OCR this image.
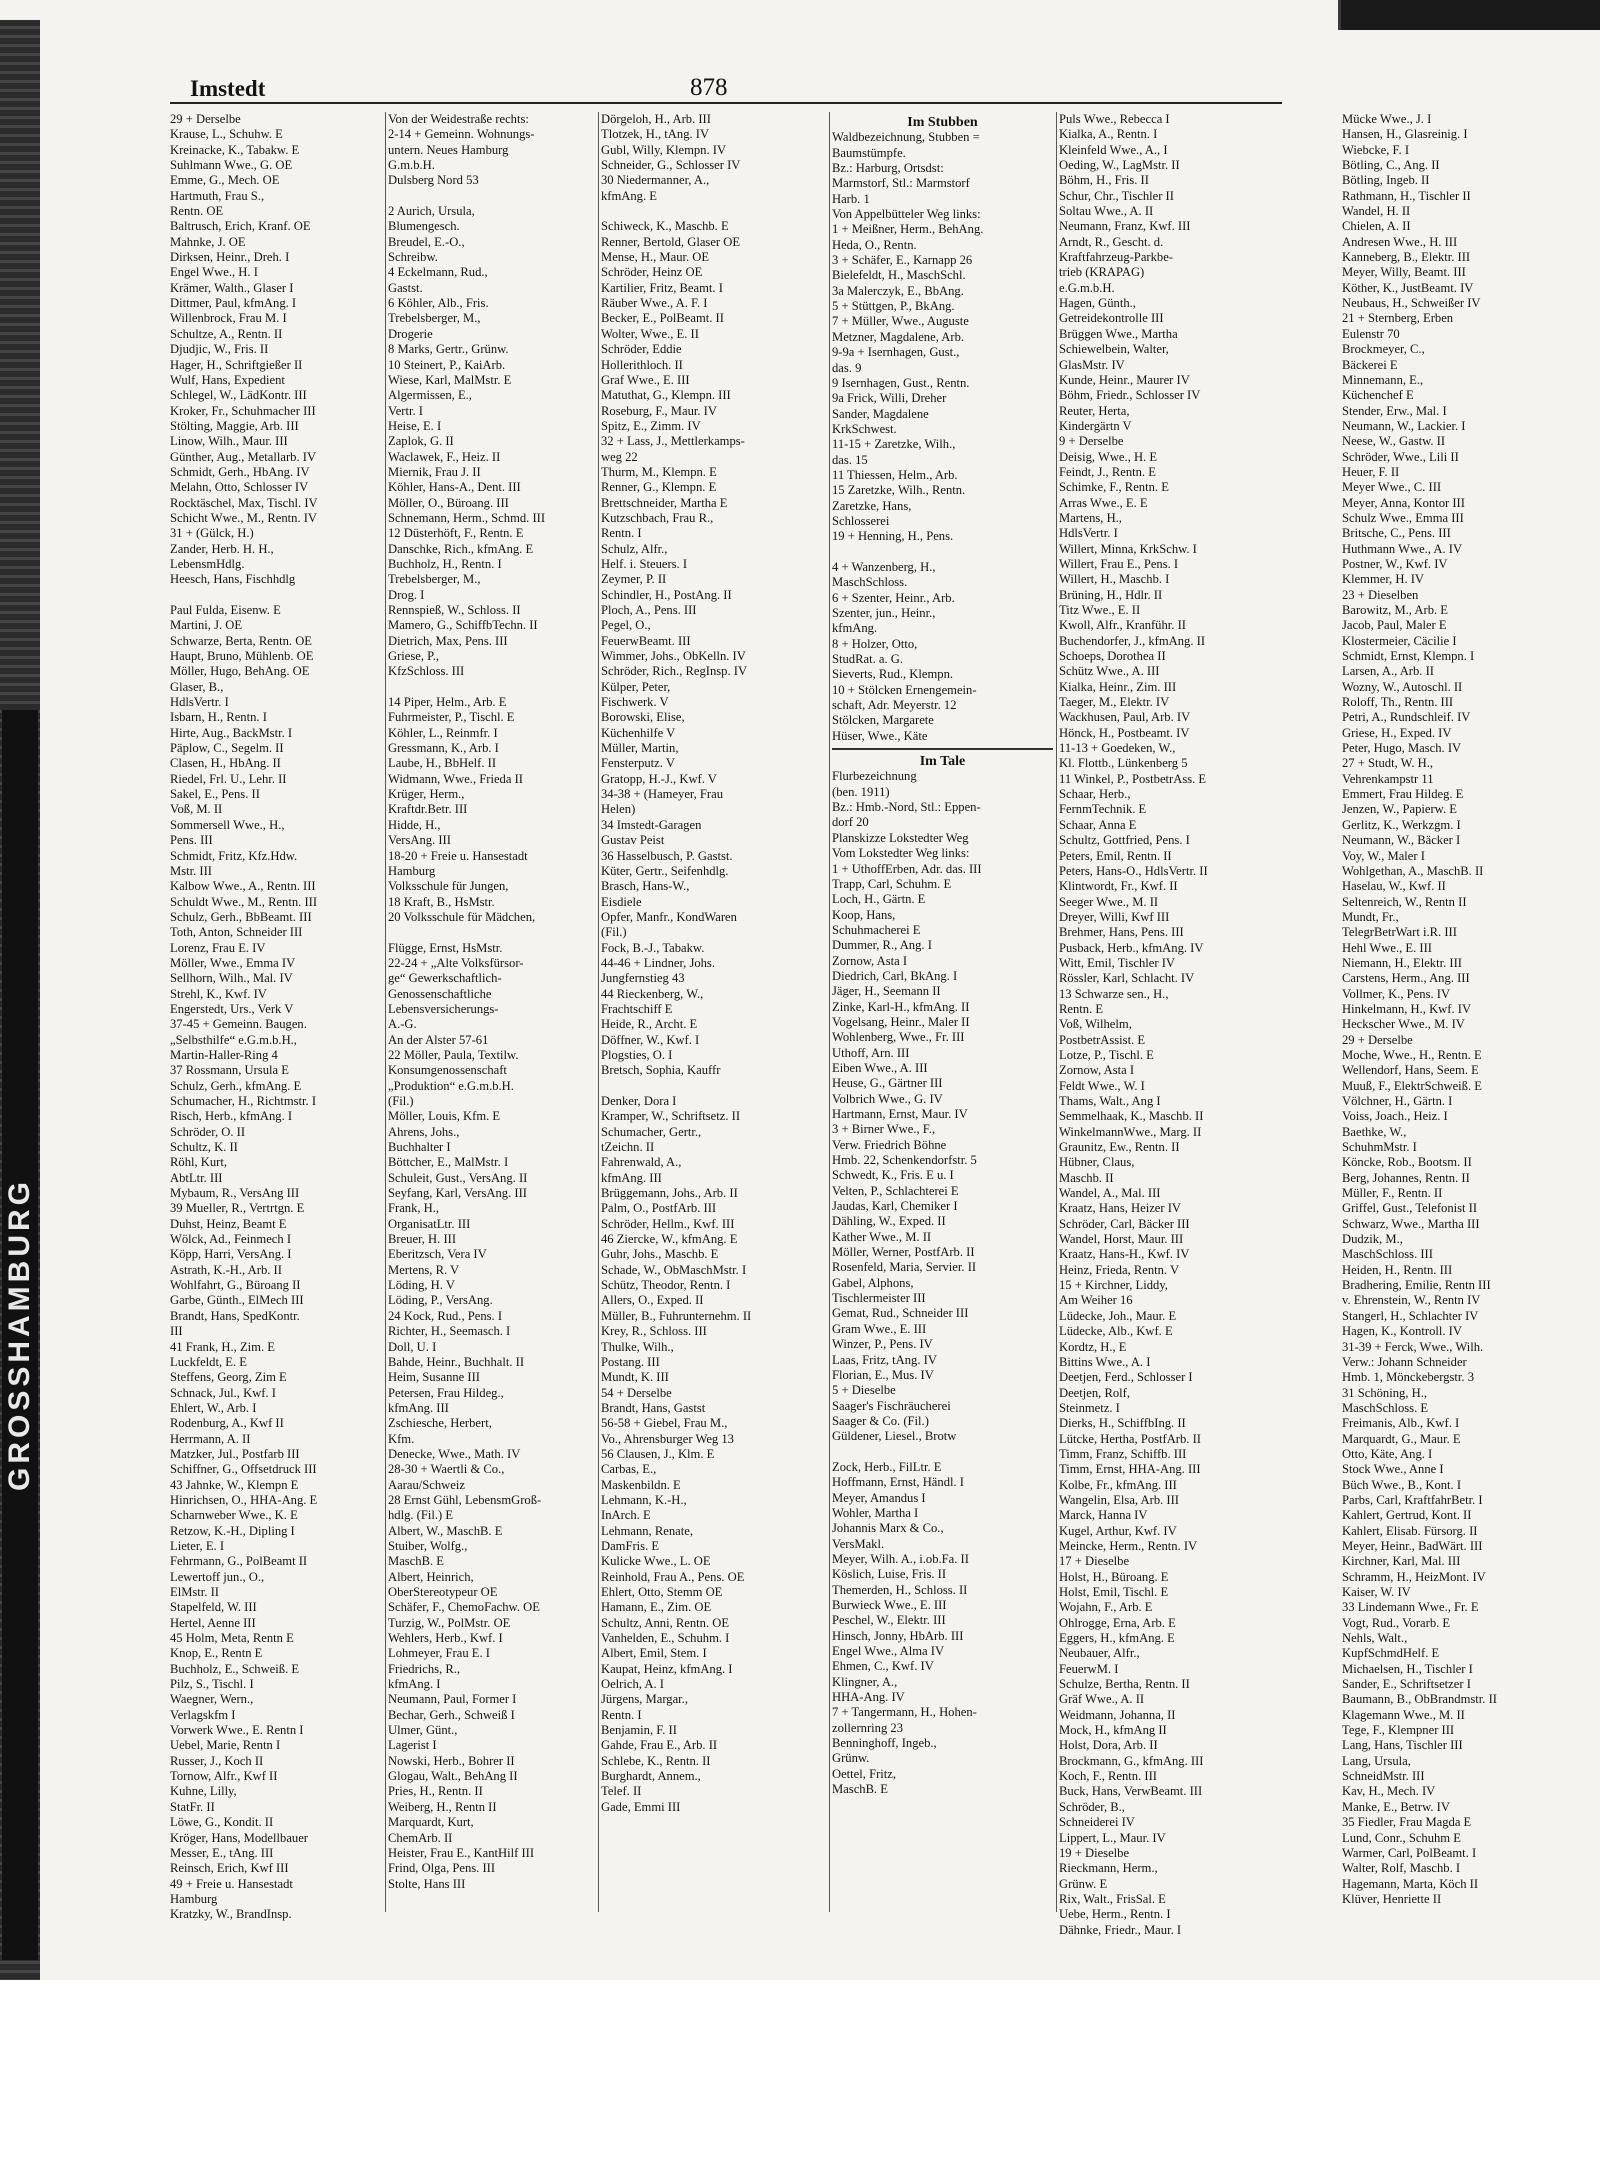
GROSSHAMBURG
Imstedt	878
29 + Derselbe
Krause, L., Schuhw. E
Kreinacke, K., Tabakw. E
Suhlmann Wwe., G. OE
Emme, G., Mech. OE
Hartmuth, Frau S.,
Rentn. OE
Baltrusch, Erich, Kranf. OE
Mahnke, J. OE
Dirksen, Heinr., Dreh. I
Engel Wwe., H. I
Krämer, Walth., Glaser I
Dittmer, Paul, kfmAng. I
Willenbrock, Frau M. I
Schultze, A., Rentn. II
Djudjic, W., Fris. II
Hager, H., Schriftgießer II
Wulf, Hans, Expedient
Schlegel, W., LädKontr. III
Kroker, Fr., Schuhmacher III
Stölting, Maggie, Arb. III
Linow, Wilh., Maur. III
Günther, Aug., Metallarb. IV
Schmidt, Gerh., HbAng. IV
Melahn, Otto, Schlosser IV
Rocktäschel, Max, Tischl. IV
Schicht Wwe., M., Rentn. IV
31 + (Gülck, H.)
Zander, Herb. H. H.,
LebensmHdlg.
Heesch, Hans, Fischhdlg

Paul Fulda, Eisenw. E
Martini, J. OE
Schwarze, Berta, Rentn. OE
Haupt, Bruno, Mühlenb. OE
Möller, Hugo, BehAng. OE
Glaser, B.,
HdlsVertr. I
Isbarn, H., Rentn. I
Hirte, Aug., BackMstr. I
Päplow, C., Segelm. II
Clasen, H., HbAng. II
Riedel, Frl. U., Lehr. II
Sakel, E., Pens. II
Voß, M. II
Sommersell Wwe., H.,
Pens. III
Schmidt, Fritz, Kfz.Hdw.
Mstr. III
Kalbow Wwe., A., Rentn. III
Schuldt Wwe., M., Rentn. III
Schulz, Gerh., BbBeamt. III
Toth, Anton, Schneider III
Lorenz, Frau E. IV
Möller, Wwe., Emma IV
Sellhorn, Wilh., Mal. IV
Strehl, K., Kwf. IV
Engerstedt, Urs., Verk V
37-45 + Gemeinn. Baugen.
„Selbsthilfe“ e.G.m.b.H.,
Martin-Haller-Ring 4
37 Rossmann, Ursula E
Schulz, Gerh., kfmAng. E
Schumacher, H., Richtmstr. I
Risch, Herb., kfmAng. I
Schröder, O. II
Schultz, K. II
Röhl, Kurt,
AbtLtr. III
Mybaum, R., VersAng III
39 Mueller, R., Vertrtgn. E
Duhst, Heinz, Beamt E
Wölck, Ad., Feinmech I
Köpp, Harri, VersAng. I
Astrath, K.-H., Arb. II
Wohlfahrt, G., Büroang II
Garbe, Günth., ElMech III
Brandt, Hans, SpedKontr.
III
41 Frank, H., Zim. E
Luckfeldt, E. E
Steffens, Georg, Zim E
Schnack, Jul., Kwf. I
Ehlert, W., Arb. I
Rodenburg, A., Kwf II
Herrmann, A. II
Matzker, Jul., Postfarb III
Schiffner, G., Offsetdruck III
43 Jahnke, W., Klempn E
Hinrichsen, O., HHA-Ang. E
Scharnweber Wwe., K. E
Retzow, K.-H., Dipling I
Lieter, E. I
Fehrmann, G., PolBeamt II
Lewertoff jun., O.,
ElMstr. II
Stapelfeld, W. III
Hertel, Aenne III
45 Holm, Meta, Rentn E
Knop, E., Rentn E
Buchholz, E., Schweiß. E
Pilz, S., Tischl. I
Waegner, Wern.,
Verlagskfm I
Vorwerk Wwe., E. Rentn I
Uebel, Marie, Rentn I
Russer, J., Koch II
Tornow, Alfr., Kwf II
Kuhne, Lilly,
StatFr. II
Löwe, G., Kondit. II
Kröger, Hans, Modellbauer
Messer, E., tAng. III
Reinsch, Erich, Kwf III
49 + Freie u. Hansestadt
Hamburg
Kratzky, W., BrandInsp.
Von der Weidestraße rechts:
2-14 + Gemeinn. Wohnungs-
untern. Neues Hamburg
G.m.b.H.
Dulsberg Nord 53

2 Aurich, Ursula,
Blumengesch.
Breudel, E.-O.,
Schreibw.
4 Eckelmann, Rud.,
Gastst.
6 Köhler, Alb., Fris.
Trebelsberger, M.,
Drogerie
8 Marks, Gertr., Grünw.
10 Steinert, P., KaiArb.
Wiese, Karl, MalMstr. E
Algermissen, E.,
Vertr. I
Heise, E. I
Zaplok, G. II
Waclawek, F., Heiz. II
Miernik, Frau J. II
Köhler, Hans-A., Dent. III
Möller, O., Büroang. III
Schnemann, Herm., Schmd. III
12 Düsterhöft, F., Rentn. E
Danschke, Rich., kfmAng. E
Buchholz, H., Rentn. I
Trebelsberger, M.,
Drog. I
Rennspieß, W., Schloss. II
Mamero, G., SchiffbTechn. II
Dietrich, Max, Pens. III
Griese, P.,
KfzSchloss. III

14 Piper, Helm., Arb. E
Fuhrmeister, P., Tischl. E
Köhler, L., Reinmfr. I
Gressmann, K., Arb. I
Laube, H., BbHelf. II
Widmann, Wwe., Frieda II
Krüger, Herm.,
Kraftdr.Betr. III
Hidde, H.,
VersAng. III
18-20 + Freie u. Hansestadt
Hamburg
Volksschule für Jungen,
18 Kraft, B., HsMstr.
20 Volksschule für Mädchen,

Flügge, Ernst, HsMstr.
22-24 + „Alte Volksfürsor-
ge“ Gewerkschaftlich-
Genossenschaftliche
Lebensversicherungs-
A.-G.
An der Alster 57-61
22 Möller, Paula, Textilw.
Konsumgenossenschaft
„Produktion“ e.G.m.b.H.
(Fil.)
Möller, Louis, Kfm. E
Ahrens, Johs.,
Buchhalter I
Böttcher, E., MalMstr. I
Schuleit, Gust., VersAng. II
Seyfang, Karl, VersAng. III
Frank, H.,
OrganisatLtr. III
Breuer, H. III
Eberitzsch, Vera IV
Mertens, R. V
Löding, H. V
Löding, P., VersAng.
24 Kock, Rud., Pens. I
Richter, H., Seemasch. I
Doll, U. I
Bahde, Heinr., Buchhalt. II
Heim, Susanne III
Petersen, Frau Hildeg.,
kfmAng. III
Zschiesche, Herbert,
Kfm.
Denecke, Wwe., Math. IV
28-30 + Waertli & Co.,
Aarau/Schweiz
28 Ernst Gühl, LebensmGroß-
hdlg. (Fil.) E
Albert, W., MaschB. E
Stuiber, Wolfg.,
MaschB. E
Albert, Heinrich,
OberStereotypeur OE
Schäfer, F., ChemoFachw. OE
Turzig, W., PolMstr. OE
Wehlers, Herb., Kwf. I
Lohmeyer, Frau E. I
Friedrichs, R.,
kfmAng. I
Neumann, Paul, Former I
Bechar, Gerh., Schweiß I
Ulmer, Günt.,
Lagerist I
Nowski, Herb., Bohrer II
Glogau, Walt., BehAng II
Pries, H., Rentn. II
Weiberg, H., Rentn II
Marquardt, Kurt,
ChemArb. II
Heister, Frau E., KantHilf III
Frind, Olga, Pens. III
Stolte, Hans III
Dörgeloh, H., Arb. III
Tlotzek, H., tAng. IV
Gubl, Willy, Klempn. IV
Schneider, G., Schlosser IV
30 Niedermanner, A.,
kfmAng. E

Schiweck, K., Maschb. E
Renner, Bertold, Glaser OE
Mense, H., Maur. OE
Schröder, Heinz OE
Kartilier, Fritz, Beamt. I
Räuber Wwe., A. F. I
Becker, E., PolBeamt. II
Wolter, Wwe., E. II
Schröder, Eddie
Hollerithloch. II
Graf Wwe., E. III
Matuthat, G., Klempn. III
Roseburg, F., Maur. IV
Spitz, E., Zimm. IV
32 + Lass, J., Mettlerkamps-
weg 22
Thurm, M., Klempn. E
Renner, G., Klempn. E
Brettschneider, Martha E
Kutzschbach, Frau R.,
Rentn. I
Schulz, Alfr.,
Helf. i. Steuers. I
Zeymer, P. II
Schindler, H., PostAng. II
Ploch, A., Pens. III
Pegel, O.,
FeuerwBeamt. III
Wimmer, Johs., ObKelln. IV
Schröder, Rich., RegInsp. IV
Külper, Peter,
Fischwerk. V
Borowski, Elise,
Küchenhilfe V
Müller, Martin,
Fensterputz. V
Gratopp, H.-J., Kwf. V
34-38 + (Hameyer, Frau
Helen)
34 Imstedt-Garagen
Gustav Peist
36 Hasselbusch, P. Gastst.
Küter, Gertr., Seifenhdlg.
Brasch, Hans-W.,
Eisdiele
Opfer, Manfr., KondWaren
(Fil.)
Fock, B.-J., Tabakw.
44-46 + Lindner, Johs.
Jungfernstieg 43
44 Rieckenberg, W.,
Frachtschiff E
Heide, R., Archt. E
Döffner, W., Kwf. I
Plogsties, O. I
Bretsch, Sophia, Kauffr

Denker, Dora I
Kramper, W., Schriftsetz. II
Schumacher, Gertr.,
tZeichn. II
Fahrenwald, A.,
kfmAng. III
Brüggemann, Johs., Arb. II
Palm, O., PostfArb. III
Schröder, Hellm., Kwf. III
46 Ziercke, W., kfmAng. E
Guhr, Johs., Maschb. E
Schade, W., ObMaschMstr. I
Schütz, Theodor, Rentn. I
Allers, O., Exped. II
Müller, B., Fuhrunternehm. II
Krey, R., Schloss. III
Thulke, Wilh.,
Postang. III
Mundt, K. III
54 + Derselbe
Brandt, Hans, Gastst
56-58 + Giebel, Frau M.,
Vo., Ahrensburger Weg 13
56 Clausen, J., Klm. E
Carbas, E.,
Maskenbildn. E
Lehmann, K.-H.,
InArch. E
Lehmann, Renate,
DamFris. E
Kulicke Wwe., L. OE
Reinhold, Frau A., Pens. OE
Ehlert, Otto, Stemm OE
Hamann, E., Zim. OE
Schultz, Anni, Rentn. OE
Vanhelden, E., Schuhm. I
Albert, Emil, Stem. I
Kaupat, Heinz, kfmAng. I
Oelrich, A. I
Jürgens, Margar.,
Rentn. I
Benjamin, F. II
Gahde, Frau E., Arb. II
Schlebe, K., Rentn. II
Burghardt, Annem.,
Telef. II
Gade, Emmi III
Im Stubben
Waldbezeichnung, Stubben =
Baumstümpfe.
Bz.: Harburg, Ortsdst:
Marmstorf, Stl.: Marmstorf
Harb. 1
Von Appelbütteler Weg links:
1 + Meißner, Herm., BehAng.
Heda, O., Rentn.
3 + Schäfer, E., Karnapp 26
Bielefeldt, H., MaschSchl.
3a Malerczyk, E., BbAng.
5 + Stüttgen, P., BkAng.
7 + Müller, Wwe., Auguste
Metzner, Magdalene, Arb.
9-9a + Isernhagen, Gust.,
das. 9
9 Isernhagen, Gust., Rentn.
9a Frick, Willi, Dreher
Sander, Magdalene
KrkSchwest.
11-15 + Zaretzke, Wilh.,
das. 15
11 Thiessen, Helm., Arb.
15 Zaretzke, Wilh., Rentn.
Zaretzke, Hans,
Schlosserei
19 + Henning, H., Pens.

4 + Wanzenberg, H.,
MaschSchloss.
6 + Szenter, Heinr., Arb.
Szenter, jun., Heinr.,
kfmAng.
8 + Holzer, Otto,
StudRat. a. G.
Sieverts, Rud., Klempn.
10 + Stölcken Ernengemein-
schaft, Adr. Meyerstr. 12
Stölcken, Margarete
Hüser, Wwe., Käte
Im Tale
Flurbezeichnung
(ben. 1911)
Bz.: Hmb.-Nord, Stl.: Eppen-
dorf 20
Planskizze Lokstedter Weg
Vom Lokstedter Weg links:
1 + UthoffErben, Adr. das. III
Trapp, Carl, Schuhm. E
Loch, H., Gärtn. E
Koop, Hans,
Schuhmacherei E
Dummer, R., Ang. I
Zornow, Asta I
Diedrich, Carl, BkAng. I
Jäger, H., Seemann II
Zinke, Karl-H., kfmAng. II
Vogelsang, Heinr., Maler II
Wohlenberg, Wwe., Fr. III
Uthoff, Arn. III
Eiben Wwe., A. III
Heuse, G., Gärtner III
Volbrich Wwe., G. IV
Hartmann, Ernst, Maur. IV
3 + Birner Wwe., F.,
Verw. Friedrich Böhne
Hmb. 22, Schenkendorfstr. 5
Schwedt, K., Fris. E u. I
Velten, P., Schlachterei E
Jaudas, Karl, Chemiker I
Dähling, W., Exped. II
Kather Wwe., M. II
Möller, Werner, PostfArb. II
Rosenfeld, Maria, Servier. II
Gabel, Alphons,
Tischlermeister III
Gemat, Rud., Schneider III
Gram Wwe., E. III
Winzer, P., Pens. IV
Laas, Fritz, tAng. IV
Florian, E., Mus. IV
5 + Dieselbe
Saager's Fischräucherei
Saager & Co. (Fil.)
Güldener, Liesel., Brotw

Zock, Herb., FilLtr. E
Hoffmann, Ernst, Händl. I
Meyer, Amandus I
Wohler, Martha I
Johannis Marx & Co.,
VersMakl.
Meyer, Wilh. A., i.ob.Fa. II
Köslich, Luise, Fris. II
Themerden, H., Schloss. II
Burwieck Wwe., E. III
Peschel, W., Elektr. III
Hinsch, Jonny, HbArb. III
Engel Wwe., Alma IV
Ehmen, C., Kwf. IV
Klingner, A.,
HHA-Ang. IV
7 + Tangermann, H., Hohen-
zollernring 23
Benninghoff, Ingeb.,
Grünw.
Oettel, Fritz,
MaschB. E
Puls Wwe., Rebecca I
Kialka, A., Rentn. I
Kleinfeld Wwe., A., I
Oeding, W., LagMstr. II
Böhm, H., Fris. II
Schur, Chr., Tischler II
Soltau Wwe., A. II
Neumann, Franz, Kwf. III
Arndt, R., Gescht. d.
Kraftfahrzeug-Parkbe-
trieb (KRAPAG)
e.G.m.b.H.
Hagen, Günth.,
Getreidekontrolle III
Brüggen Wwe., Martha
Schiewelbein, Walter,
GlasMstr. IV
Kunde, Heinr., Maurer IV
Böhm, Friedr., Schlosser IV
Reuter, Herta,
Kindergärtn V
9 + Derselbe
Deisig, Wwe., H. E
Feindt, J., Rentn. E
Schimke, F., Rentn. E
Arras Wwe., E. E
Martens, H.,
HdlsVertr. I
Willert, Minna, KrkSchw. I
Willert, Frau E., Pens. I
Willert, H., Maschb. I
Brüning, H., Hdlr. II
Titz Wwe., E. II
Kwoll, Alfr., Kranführ. II
Buchendorfer, J., kfmAng. II
Schoeps, Dorothea II
Schütz Wwe., A. III
Kialka, Heinr., Zim. III
Taeger, M., Elektr. IV
Wackhusen, Paul, Arb. IV
Hönck, H., Postbeamt. IV
11-13 + Goedeken, W.,
Kl. Flottb., Lünkenberg 5
11 Winkel, P., PostbetrAss. E
Schaar, Herb.,
FernmTechnik. E
Schaar, Anna E
Schultz, Gottfried, Pens. I
Peters, Emil, Rentn. II
Peters, Hans-O., HdlsVertr. II
Klintwordt, Fr., Kwf. II
Seeger Wwe., M. II
Dreyer, Willi, Kwf III
Brehmer, Hans, Pens. III
Pusback, Herb., kfmAng. IV
Witt, Emil, Tischler IV
Rössler, Karl, Schlacht. IV
13 Schwarze sen., H.,
Rentn. E
Voß, Wilhelm,
PostbetrAssist. E
Lotze, P., Tischl. E
Zornow, Asta I
Feldt Wwe., W. I
Thams, Walt., Ang I
Semmelhaak, K., Maschb. II
WinkelmannWwe., Marg. II
Graunitz, Ew., Rentn. II
Hübner, Claus,
Maschb. II
Wandel, A., Mal. III
Kraatz, Hans, Heizer IV
Schröder, Carl, Bäcker III
Wandel, Horst, Maur. III
Kraatz, Hans-H., Kwf. IV
Heinz, Frieda, Rentn. V
15 + Kirchner, Liddy,
Am Weiher 16
Lüdecke, Joh., Maur. E
Lüdecke, Alb., Kwf. E
Kordtz, H., E
Bittins Wwe., A. I
Deetjen, Ferd., Schlosser I
Deetjen, Rolf,
Steinmetz. I
Dierks, H., SchiffbIng. II
Lütcke, Hertha, PostfArb. II
Timm, Franz, Schiffb. III
Timm, Ernst, HHA-Ang. III
Kolbe, Fr., kfmAng. III
Wangelin, Elsa, Arb. III
Marck, Hanna IV
Kugel, Arthur, Kwf. IV
Meincke, Herm., Rentn. IV
17 + Dieselbe
Holst, H., Büroang. E
Holst, Emil, Tischl. E
Wojahn, F., Arb. E
Ohlrogge, Erna, Arb. E
Eggers, H., kfmAng. E
Neubauer, Alfr.,
FeuerwM. I
Schulze, Bertha, Rentn. II
Gräf Wwe., A. II
Weidmann, Johanna, II
Mock, H., kfmAng II
Holst, Dora, Arb. II
Brockmann, G., kfmAng. III
Koch, F., Rentn. III
Buck, Hans, VerwBeamt. III
Schröder, B.,
Schneiderei IV
Lippert, L., Maur. IV
19 + Dieselbe
Rieckmann, Herm.,
Grünw. E
Rix, Walt., FrisSal. E
Uebe, Herm., Rentn. I
Dähnke, Friedr., Maur. I
Mücke Wwe., J. I
Hansen, H., Glasreinig. I
Wiebcke, F. I
Bötling, C., Ang. II
Bötling, Ingeb. II
Rathmann, H., Tischler II
Wandel, H. II
Chielen, A. II
Andresen Wwe., H. III
Kanneberg, B., Elektr. III
Meyer, Willy, Beamt. III
Köther, K., JustBeamt. IV
Neubaus, H., Schweißer IV
21 + Sternberg, Erben
Eulenstr 70
Brockmeyer, C.,
Bäckerei E
Minnemann, E.,
Küchenchef E
Stender, Erw., Mal. I
Neumann, W., Lackier. I
Neese, W., Gastw. II
Schröder, Wwe., Lili II
Heuer, F. II
Meyer Wwe., C. III
Meyer, Anna, Kontor III
Schulz Wwe., Emma III
Britsche, C., Pens. III
Huthmann Wwe., A. IV
Postner, W., Kwf. IV
Klemmer, H. IV
23 + Dieselben
Barowitz, M., Arb. E
Jacob, Paul, Maler E
Klostermeier, Cäcilie I
Schmidt, Ernst, Klempn. I
Larsen, A., Arb. II
Wozny, W., Autoschl. II
Roloff, Th., Rentn. III
Petri, A., Rundschleif. IV
Griese, H., Exped. IV
Peter, Hugo, Masch. IV
27 + Studt, W. H.,
Vehrenkampstr 11
Emmert, Frau Hildeg. E
Jenzen, W., Papierw. E
Gerlitz, K., Werkzgm. I
Neumann, W., Bäcker I
Voy, W., Maler I
Wohlgethan, A., MaschB. II
Haselau, W., Kwf. II
Seltenreich, W., Rentn II
Mundt, Fr.,
TelegrBetrWart i.R. III
Hehl Wwe., E. III
Niemann, H., Elektr. III
Carstens, Herm., Ang. III
Vollmer, K., Pens. IV
Hinkelmann, H., Kwf. IV
Heckscher Wwe., M. IV
29 + Derselbe
Moche, Wwe., H., Rentn. E
Wellendorf, Hans, Seem. E
Muuß, F., ElektrSchweiß. E
Völchner, H., Gärtn. I
Voiss, Joach., Heiz. I
Baethke, W.,
SchuhmMstr. I
Köncke, Rob., Bootsm. II
Berg, Johannes, Rentn. II
Müller, F., Rentn. II
Griffel, Gust., Telefonist II
Schwarz, Wwe., Martha III
Dudzik, M.,
MaschSchloss. III
Heiden, H., Rentn. III
Bradhering, Emilie, Rentn III
v. Ehrenstein, W., Rentn IV
Stangerl, H., Schlachter IV
Hagen, K., Kontroll. IV
31-39 + Ferck, Wwe., Wilh.
Verw.: Johann Schneider
Hmb. 1, Mönckebergstr. 3
31 Schöning, H.,
MaschSchloss. E
Freimanis, Alb., Kwf. I
Marquardt, G., Maur. E
Otto, Käte, Ang. I
Stock Wwe., Anne I
Büch Wwe., B., Kont. I
Parbs, Carl, KraftfahrBetr. I
Kahlert, Gertrud, Kont. II
Kahlert, Elisab. Fürsorg. II
Meyer, Heinr., BadWärt. III
Kirchner, Karl, Mal. III
Schramm, H., HeizMont. IV
Kaiser, W. IV
33 Lindemann Wwe., Fr. E
Vogt, Rud., Vorarb. E
Nehls, Walt.,
KupfSchmdHelf. E
Michaelsen, H., Tischler I
Sander, E., Schriftsetzer I
Baumann, B., ObBrandmstr. II
Klagemann Wwe., M. II
Tege, F., Klempner III
Lang, Hans, Tischler III
Lang, Ursula,
SchneidMstr. III
Kav, H., Mech. IV
Manke, E., Betrw. IV
35 Fiedler, Frau Magda E
Lund, Conr., Schuhm E
Warmer, Carl, PolBeamt. I
Walter, Rolf, Maschb. I
Hagemann, Marta, Köch II
Klüver, Henriette II
